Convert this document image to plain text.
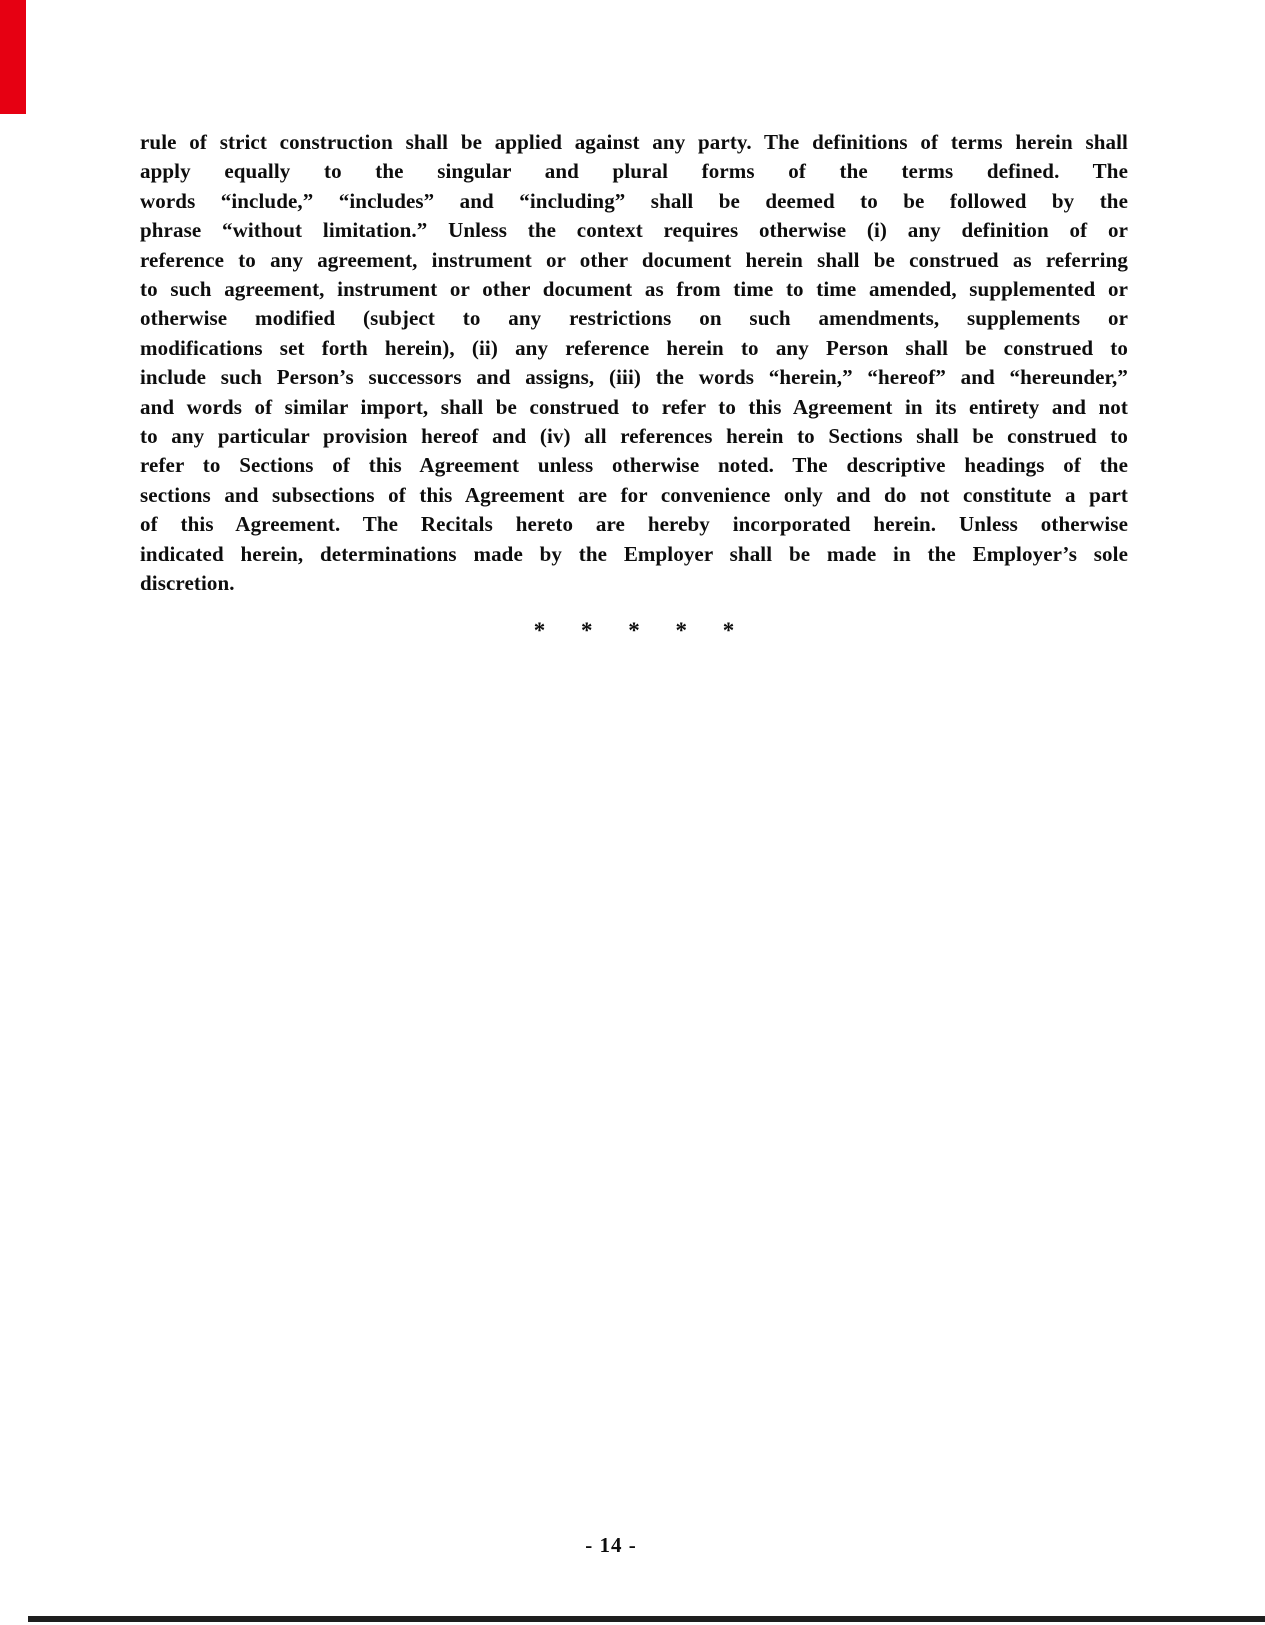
rule of strict construction shall be applied against any party. The definitions of terms herein shall
apply equally to the singular and plural forms of the terms defined. The
words “include,” “includes” and “including” shall be deemed to be followed by the
phrase “without limitation.” Unless the context requires otherwise (i) any definition of or
reference to any agreement, instrument or other document herein shall be construed as referring
to such agreement, instrument or other document as from time to time amended, supplemented or
otherwise modified (subject to any restrictions on such amendments, supplements or
modifications set forth herein), (ii) any reference herein to any Person shall be construed to
include such Person’s successors and assigns, (iii) the words “herein,” “hereof” and “hereunder,”
and words of similar import, shall be construed to refer to this Agreement in its entirety and not
to any particular provision hereof and (iv) all references herein to Sections shall be construed to
refer to Sections of this Agreement unless otherwise noted. The descriptive headings of the
sections and subsections of this Agreement are for convenience only and do not constitute a part
of this Agreement. The Recitals hereto are hereby incorporated herein. Unless otherwise
indicated herein, determinations made by the Employer shall be made in the Employer’s sole
discretion.
* * * * *
- 14 -
